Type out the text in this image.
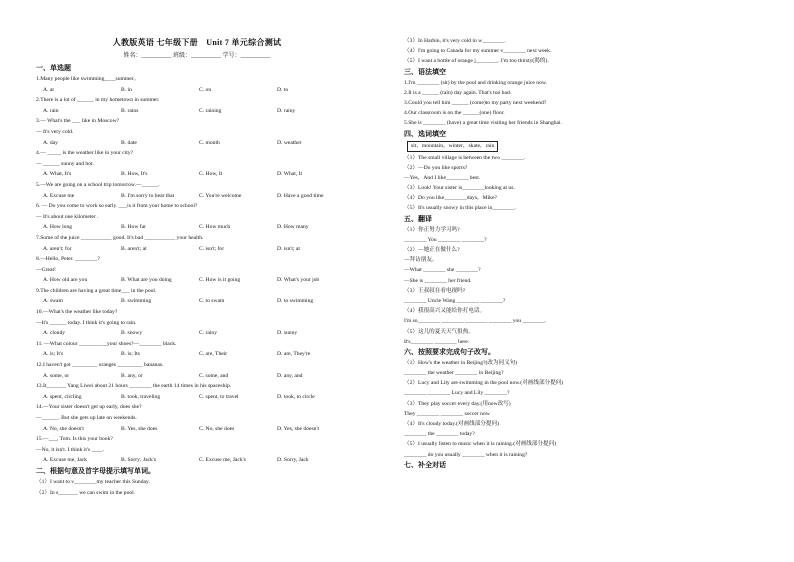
人教版英语 七年级下册　Unit 7 单元综合测试
姓名：__________ 班级：__________ 学号：__________
一、单选题
1.Many people like swimming____summer。
A. at	B. in	C. on	D. to
2.There is a lot of ______ in my hometown in summer.
A. rain	B. rains	C. raining	D. rainy
3.— What's the ___ like in Moscow?
— It's very cold.
A. day	B. date	C. month	D. weather
4.— _____ is the weather like in your city?
— ______ sunny and hot.
A. What, It's	B. How, It's	C. How, It	D. What, It
5.—We are going on a school trip tomorrow.—______.
A. Excuse me	B. I'm sorry to hear that	C. You're welcome	D. Have a good time
6. — Do you come to work so early. ___is it from your home to school?
— It's about one kilometer .
A. How long	B. How far	C. How much	D. How many
7.Some of the juice ___________ good. It's bad ___________ your health.
A. aren't; for	B. aren't; at	C. isn't; for	D. isn't; at
8.—Hello, Peter. ________?
—Great!
A. How old are you	B. What are you doing	C. How is it going	D. What's your job
9.The children are having a great time___ in the pool.
A. swam	B. swimming	C. to swam	D. to swimming
10.—What's the weather like today?
—It's ______ today. I think it's going to rain.
A. cloudy	B. snowy	C. rainy	D. sunny
11. —What colour __________your shoes?—________ black.
A. is; It's	B. is; Its	C. are, Their	D. are, They're
12.I haven't got _________ oranges _________ bananas.
A. some, or	B. any, or	C. some, and	D. any, and
13.It_______ Yang Liwei about 21 hours ________ the earth 14 times in his spaceship.
A. spent, circling	B. took, traveling	C. spent, to travel	D. took, to circle
14.—Your sister doesn't get up early, does she?
—______. But she gets up late on weekends.
A. No, she doesn't	B. Yes, she does	C. No, she does	D. Yes, she doesn't
15.—___, Tom. Is this your book?
—No, it isn't. I think it's ____.
A. Excuse me, Jack	B. Sorry; Jack's	C. Excuse me, Jack's	D. Sorry, Jack
二、根据句意及首字母提示填写单词。
（1）I want to v________my teacher this Sunday.
（2）In s_______ we can swim in the pool.
（3）In Harbin, it's very cold in w________.
（4）I'm going to Canada for my summer v________ next week.
（5）I want a bottle of orange j________. I'm too thirsty(渴的).
三、语法填空
1.I'm ________ (sit) by the pool and drinking orange juice now.
2.It is a ______ (rain) day again. That's too bad.
3.Could you tell him ______ (come)to my party next weekend?
4.Our classroom is on the ______(one) floor.
5.She is ________ (have) a great time visiting her friends in Shanghai.
四、选词填空
sit，mountain，winter，skate，rain
（1）The small village is between the two ________.
（2）—Do you like sports?
—Yes，And I like________ best.
（3）Look! Your sister is________looking at us.
（4）Do you like________days，Mike?
（5）It's usually snowy in this place in________.
五、翻译
（1）你正努力学习吗?
________ You ________ ________?
（2）—她正在做什么?
—拜访朋友。
—What ________ she ________?
—She is ________ her friend.
（3）王叔叔在看电视吗?
________ Uncle Wang ________ ________?
（4）我很高兴又能给你打电话。
I'm so________ ________ ________ ________ you ________.
（5）这儿的夏天天气很热。
It's________ ________ here.
六、按照要求完成句子改写。
（1）How's the weather in Beijing?(改为同义句)
________ the weather ________ in Beijing?
（2）Lucy and Lily are swimming in the pool now.(对画线部分提问)
________ ________ Lucy and Lily ________?
（3）They play soccer every day.(用now改写)
They ________ ________ soccer now
（4）It's cloudy today.(对画线部分提问)
________ the ________ today?
（5）I usually listen to music when it is raining.(对画线部分提问)
________ do you usually ________ when it is raining?
七、补全对话
